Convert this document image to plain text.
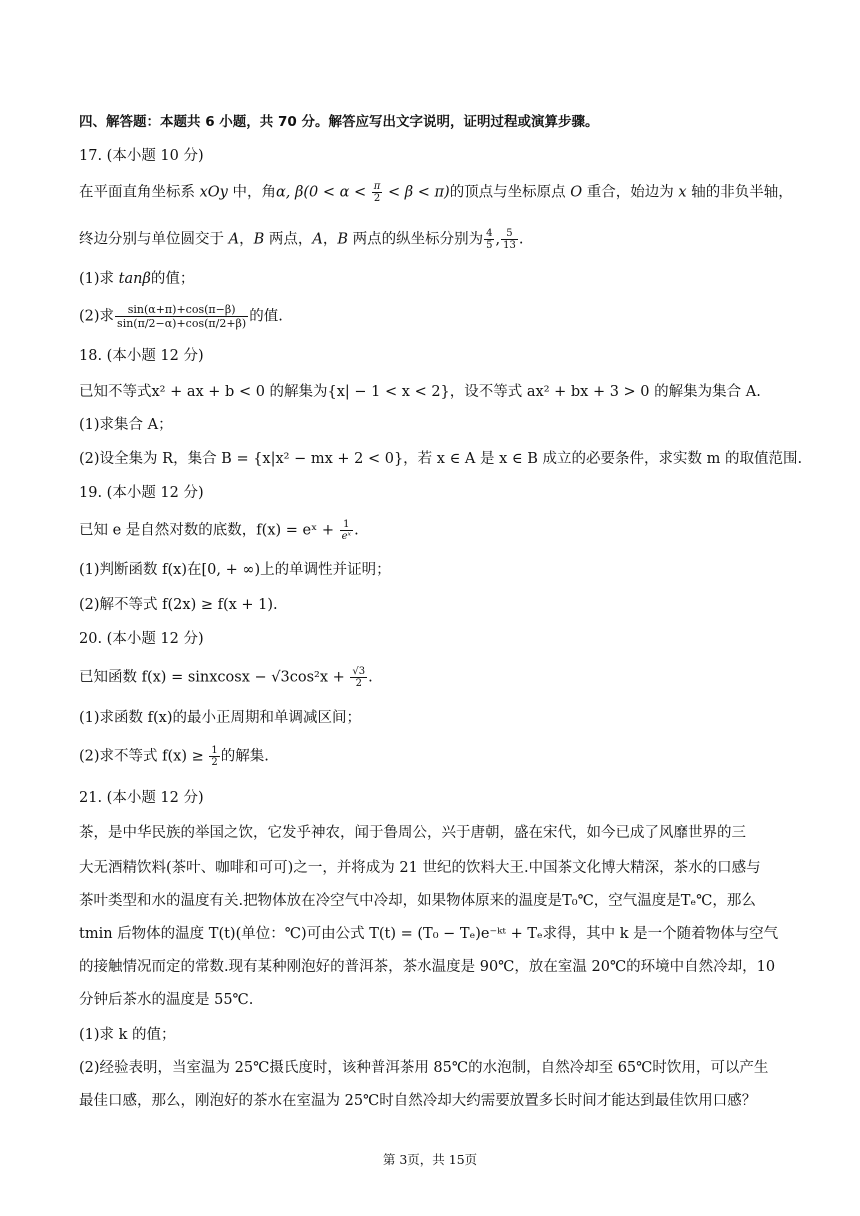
四、解答题：本题共 6 小题，共 70 分。解答应写出文字说明，证明过程或演算步骤。
17. (本小题 10 分)
在平面直角坐标系 xOy 中，角α, $\beta(0 < \alpha < \frac{\pi}{2} < \beta < \pi)$的顶点与坐标原点 O 重合，始边为 x 轴的非负半轴，
终边分别与单位圆交于 A，B 两点，A，B 两点的纵坐标分别为 $\frac{4}{5}$ , $\frac{5}{13}$ .
(1)求 tanβ的值；
(2)求 $\frac{\sin(\alpha+\pi)+\cos(\pi-\beta)}{\sin(\pi/2-\alpha)+\cos(\pi/2+\beta)}$ 的值.
18. (本小题 12 分)
已知不等式x² + ax + b < 0 的解集为{x| − 1 < x < 2}，设不等式 ax² + bx + 3 > 0 的解集为集合 A.
(1)求集合 A；
(2)设全集为 R，集合 B = {x|x² − mx + 2 < 0}，若 x ∈ A 是 x ∈ B 成立的必要条件，求实数 m 的取值范围.
19. (本小题 12 分)
已知 e 是自然对数的底数，f(x) = eˣ + $\frac{1}{\text{eˣ}}$ .
(1)判断函数 f(x)在[0, + ∞)上的单调性并证明；
(2)解不等式 f(2x) ≥ f(x + 1).
20. (本小题 12 分)
已知函数 f(x) = sinxcosx − $√3\cos^2x + \frac{√3}{2}$ .
(1)求函数 f(x)的最小正周期和单调减区间；
(2)求不等式 $f(x) \ge \frac{1}{2}$ 的解集.
21. (本小题 12 分)
茶，是中华民族的举国之饮，它发乎神农，闻于鲁周公，兴于唐朝，盛在宋代，如今已成了风靡世界的三
大无酒精饮料(茶叶、咖啡和可可)之一，并将成为 21 世纪的饮料大王.中国茶文化博大精深，茶水的口感与
茶叶类型和水的温度有关.把物体放在冷空气中冷却，如果物体原来的温度是T₀℃，空气温度是Tₑ℃，那么
tmin 后物体的温度 T(t)(单位：℃)可由公式 T(t) = (T₀ − Tₑ)e⁻ᵏᵗ + Tₑ求得，其中 k 是一个随着物体与空气
的接触情况而定的常数.现有某种刚泡好的普洱茶，茶水温度是 90℃，放在室温 20℃的环境中自然冷却，10
分钟后茶水的温度是 55℃.
(1)求 k 的值；
(2)经验表明，当室温为 25℃摄氏度时，该种普洱茶用 85℃的水泡制，自然冷却至 65℃时饮用，可以产生
最佳口感，那么，刚泡好的茶水在室温为 25℃时自然冷却大约需要放置多长时间才能达到最佳饮用口感？
第 3页，共 15页
